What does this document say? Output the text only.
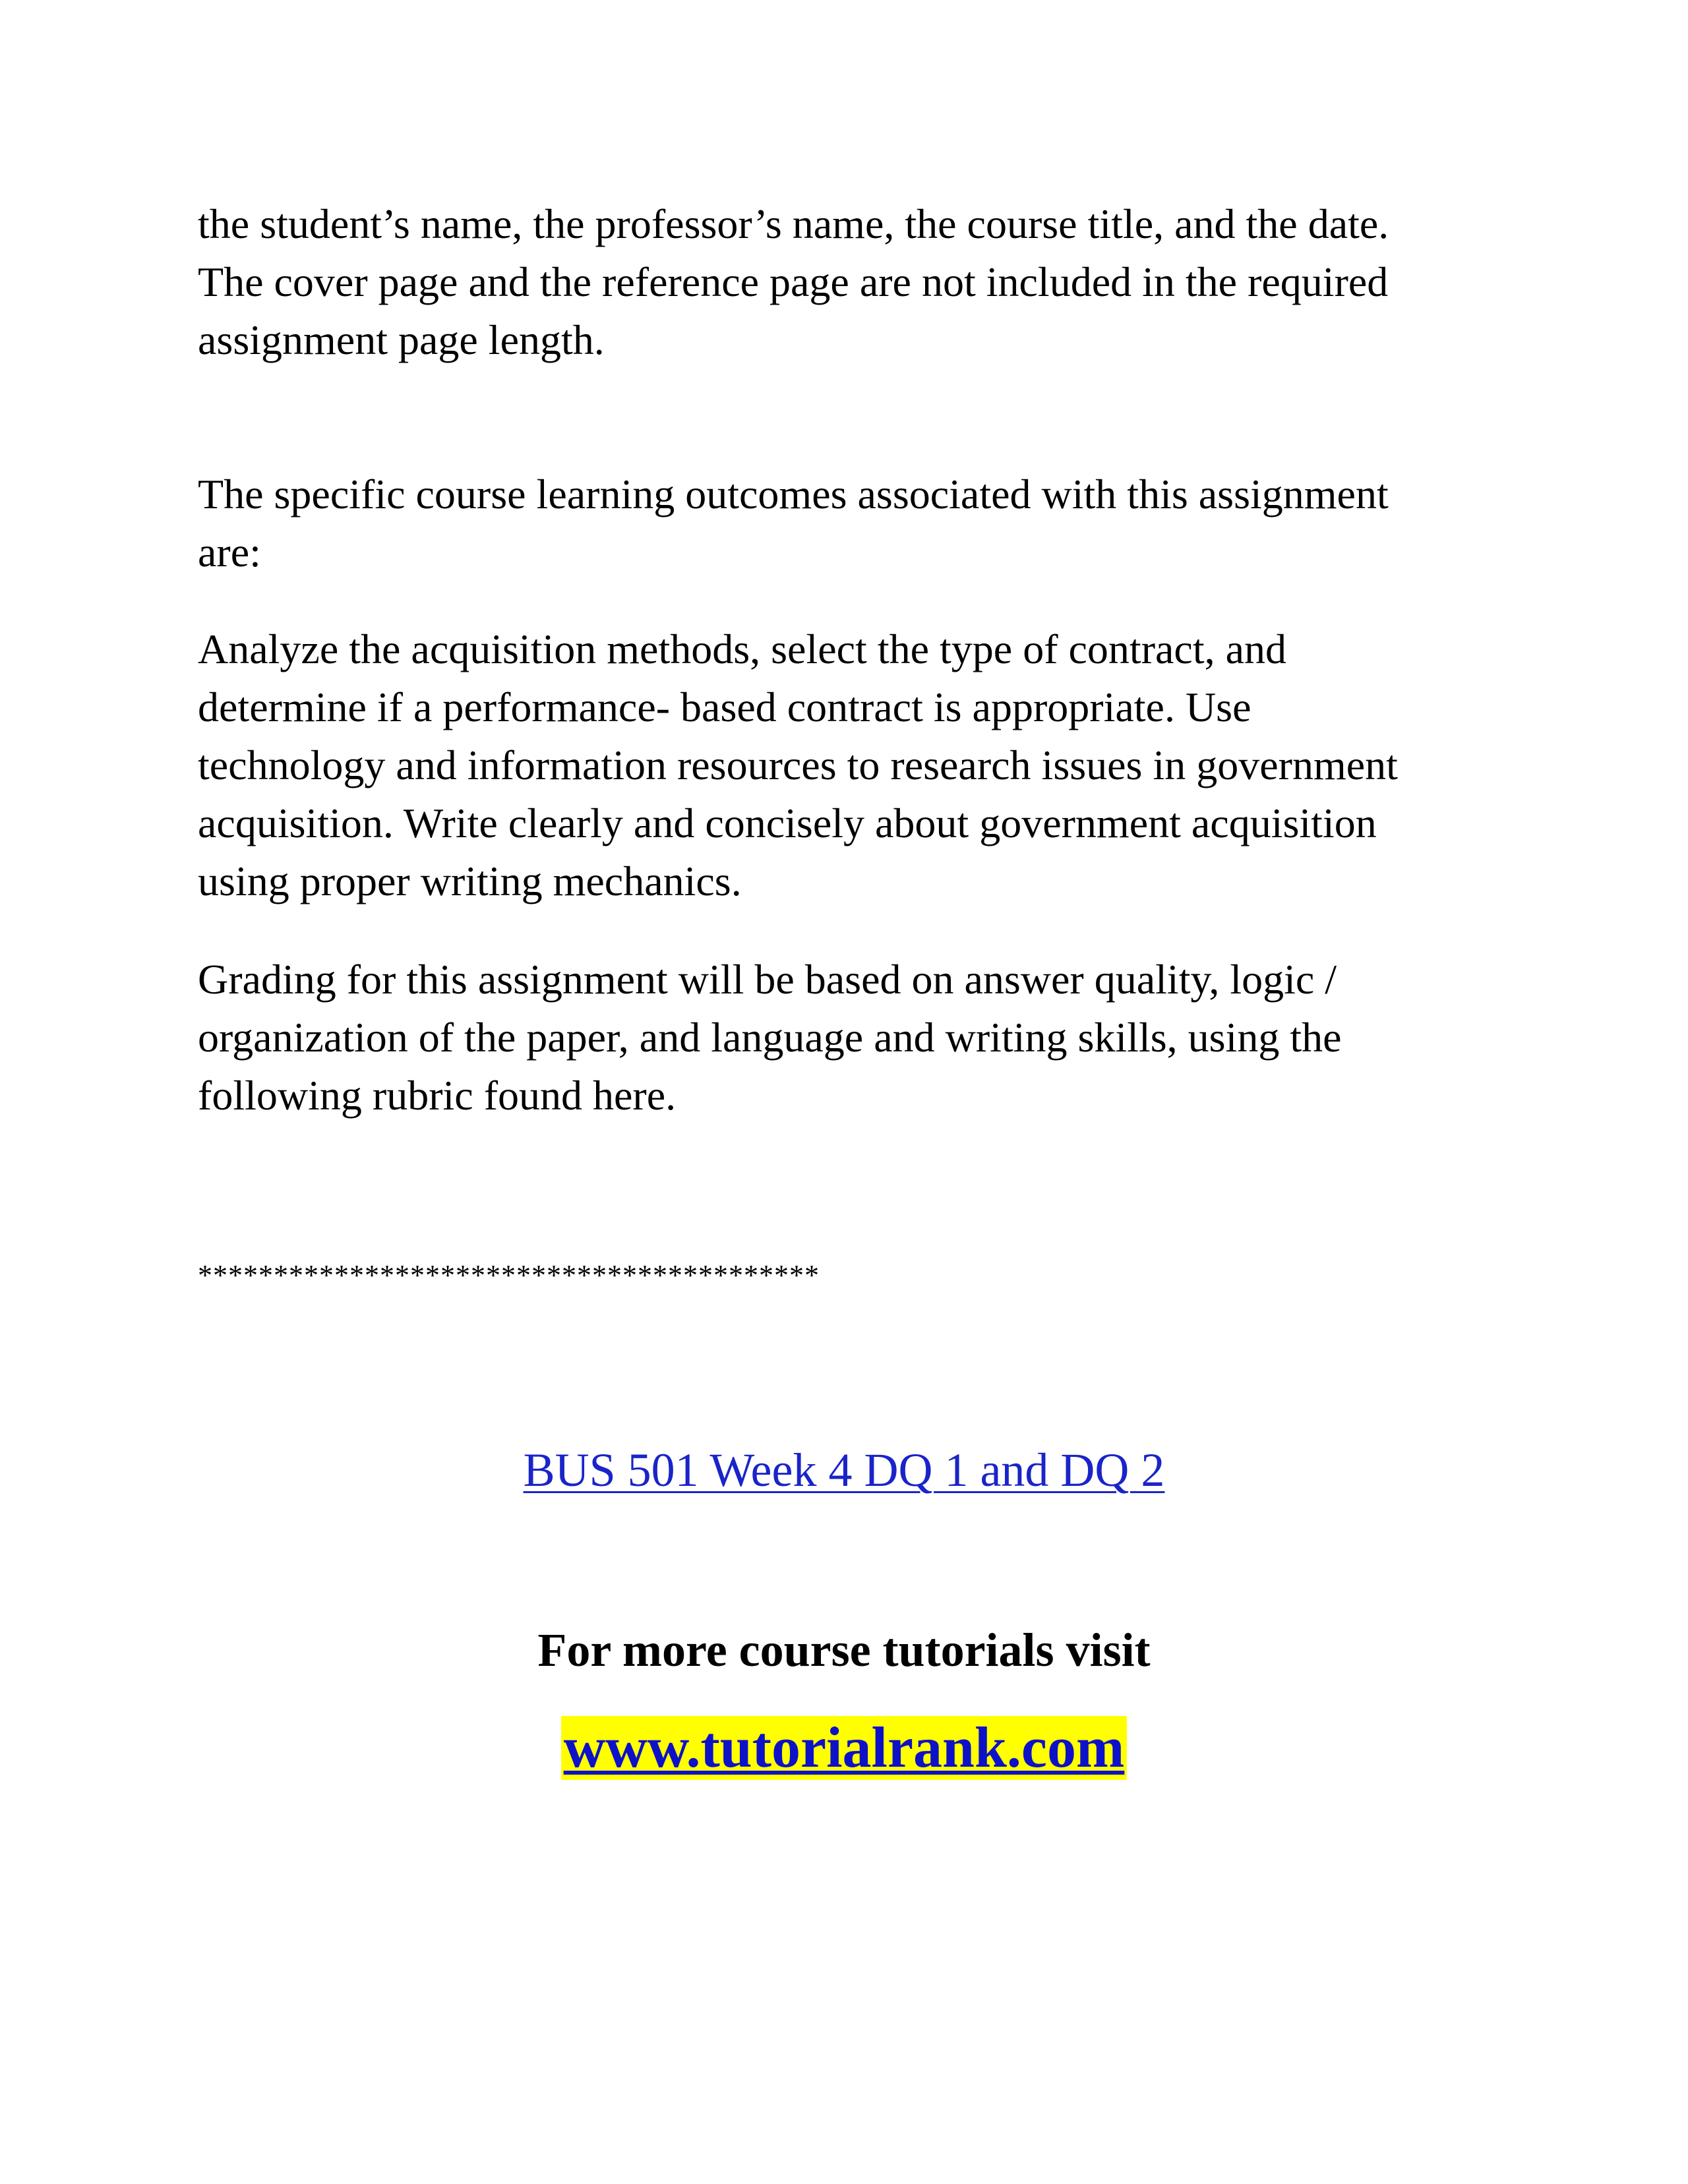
the student’s name, the professor’s name, the course title, and the date.
The cover page and the reference page are not included in the required
assignment page length.

The specific course learning outcomes associated with this assignment
are:

Analyze the acquisition methods, select the type of contract, and
determine if a performance- based contract is appropriate. Use
technology and information resources to research issues in government
acquisition. Write clearly and concisely about government acquisition
using proper writing mechanics.

Grading for this assignment will be based on answer quality, logic /
organization of the paper, and language and writing skills, using the
following rubric found here.

*****************************************
BUS 501 Week 4 DQ 1 and DQ 2
For more course tutorials visit
www.tutorialrank.com
